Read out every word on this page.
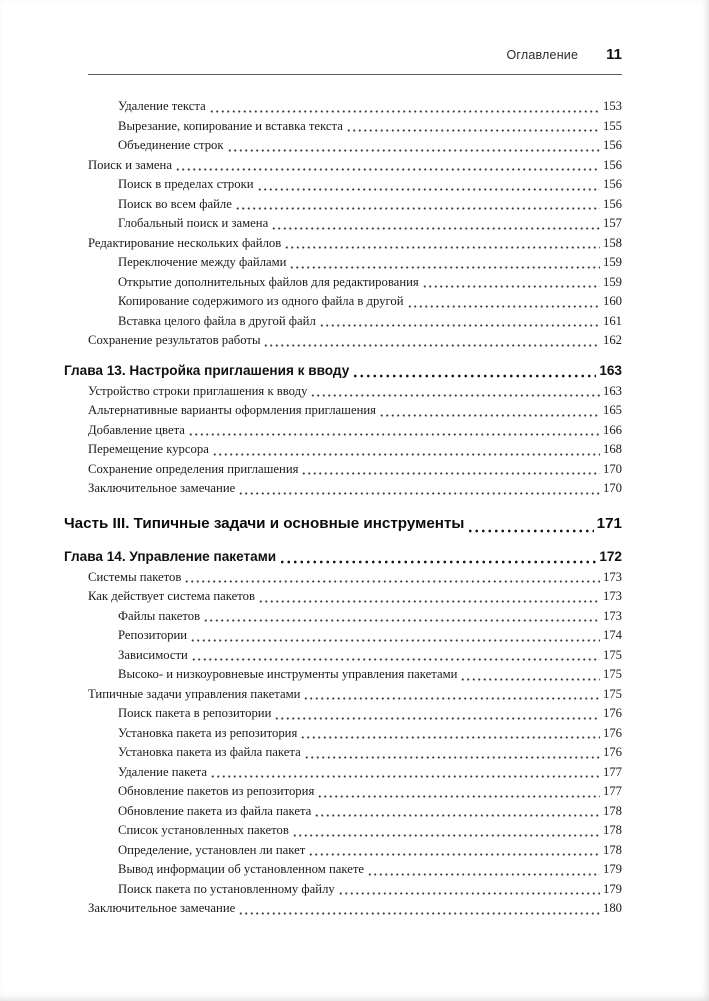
Оглавление 11
Удаление текста	153
Вырезание, копирование и вставка текста	155
Объединение строк	156
Поиск и замена	156
Поиск в пределах строки	156
Поиск во всем файле	156
Глобальный поиск и замена	157
Редактирование нескольких файлов	158
Переключение между файлами	159
Открытие дополнительных файлов для редактирования	159
Копирование содержимого из одного файла в другой	160
Вставка целого файла в другой файл	161
Сохранение результатов работы	162
Глава 13. Настройка приглашения к вводу	163
Устройство строки приглашения к вводу	163
Альтернативные варианты оформления приглашения	165
Добавление цвета	166
Перемещение курсора	168
Сохранение определения приглашения	170
Заключительное замечание	170
Часть III. Типичные задачи и основные инструменты	171
Глава 14. Управление пакетами	172
Системы пакетов	173
Как действует система пакетов	173
Файлы пакетов	173
Репозитории	174
Зависимости	175
Высоко- и низкоуровневые инструменты управления пакетами	175
Типичные задачи управления пакетами	175
Поиск пакета в репозитории	176
Установка пакета из репозитория	176
Установка пакета из файла пакета	176
Удаление пакета	177
Обновление пакетов из репозитория	177
Обновление пакета из файла пакета	178
Список установленных пакетов	178
Определение, установлен ли пакет	178
Вывод информации об установленном пакете	179
Поиск пакета по установленному файлу	179
Заключительное замечание	180
